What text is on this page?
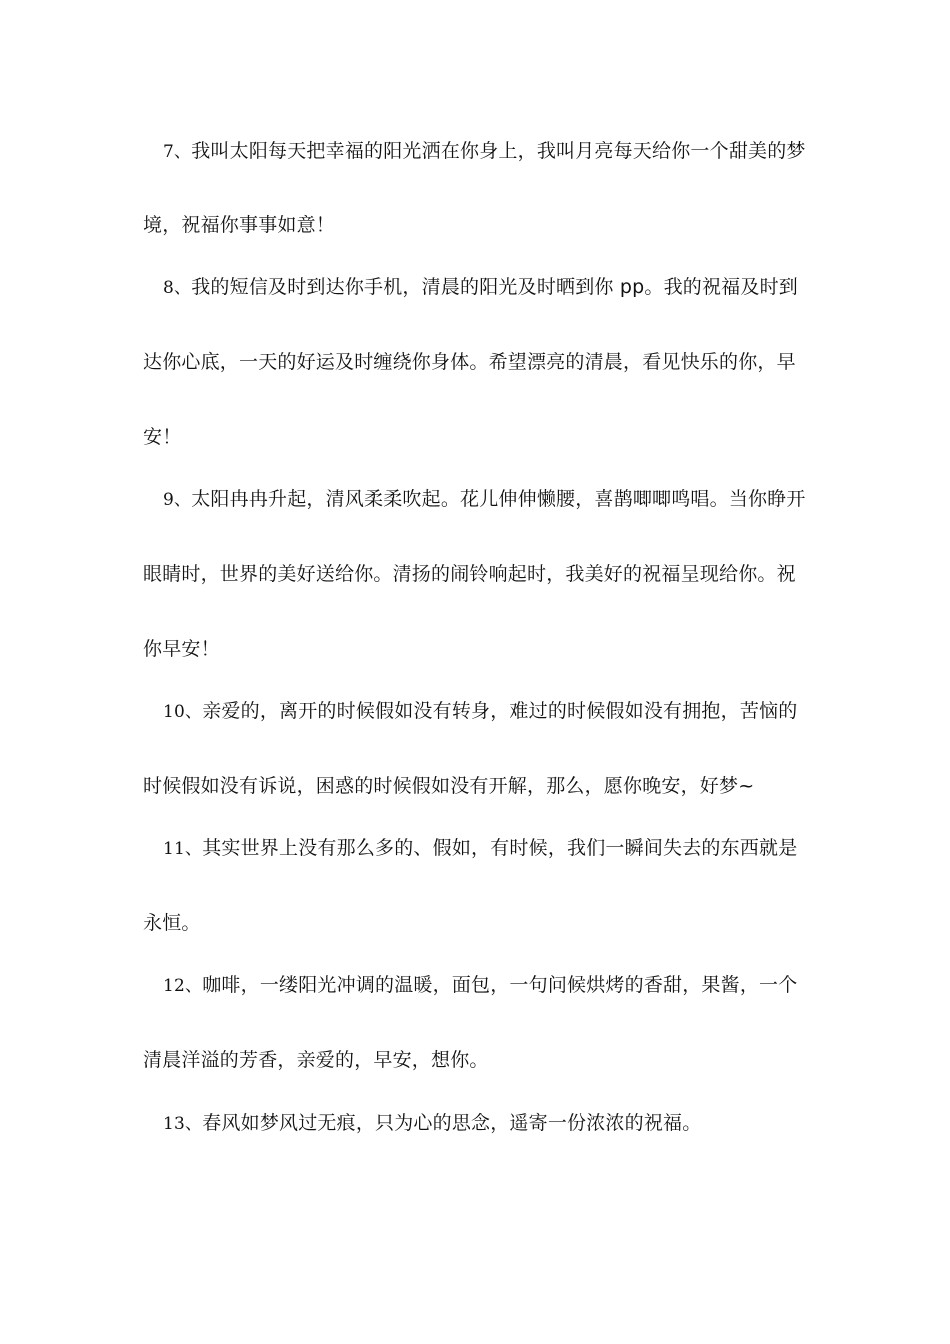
7、我叫太阳每天把幸福的阳光洒在你身上，我叫月亮每天给你一个甜美的梦
境，祝福你事事如意！
8、我的短信及时到达你手机，清晨的阳光及时晒到你 pp。我的祝福及时到
达你心底，一天的好运及时缠绕你身体。希望漂亮的清晨，看见快乐的你，早
安！
9、太阳冉冉升起，清风柔柔吹起。花儿伸伸懒腰，喜鹊唧唧鸣唱。当你睁开
眼睛时，世界的美好送给你。清扬的闹铃响起时，我美好的祝福呈现给你。祝
你早安！
10、亲爱的，离开的时候假如没有转身，难过的时候假如没有拥抱，苦恼的
时候假如没有诉说，困惑的时候假如没有开解，那么，愿你晚安，好梦~
11、其实世界上没有那么多的、假如，有时候，我们一瞬间失去的东西就是
永恒。
12、咖啡，一缕阳光冲调的温暖，面包，一句问候烘烤的香甜，果酱，一个
清晨洋溢的芳香，亲爱的，早安，想你。
13、春风如梦风过无痕，只为心的思念，遥寄一份浓浓的祝福。
